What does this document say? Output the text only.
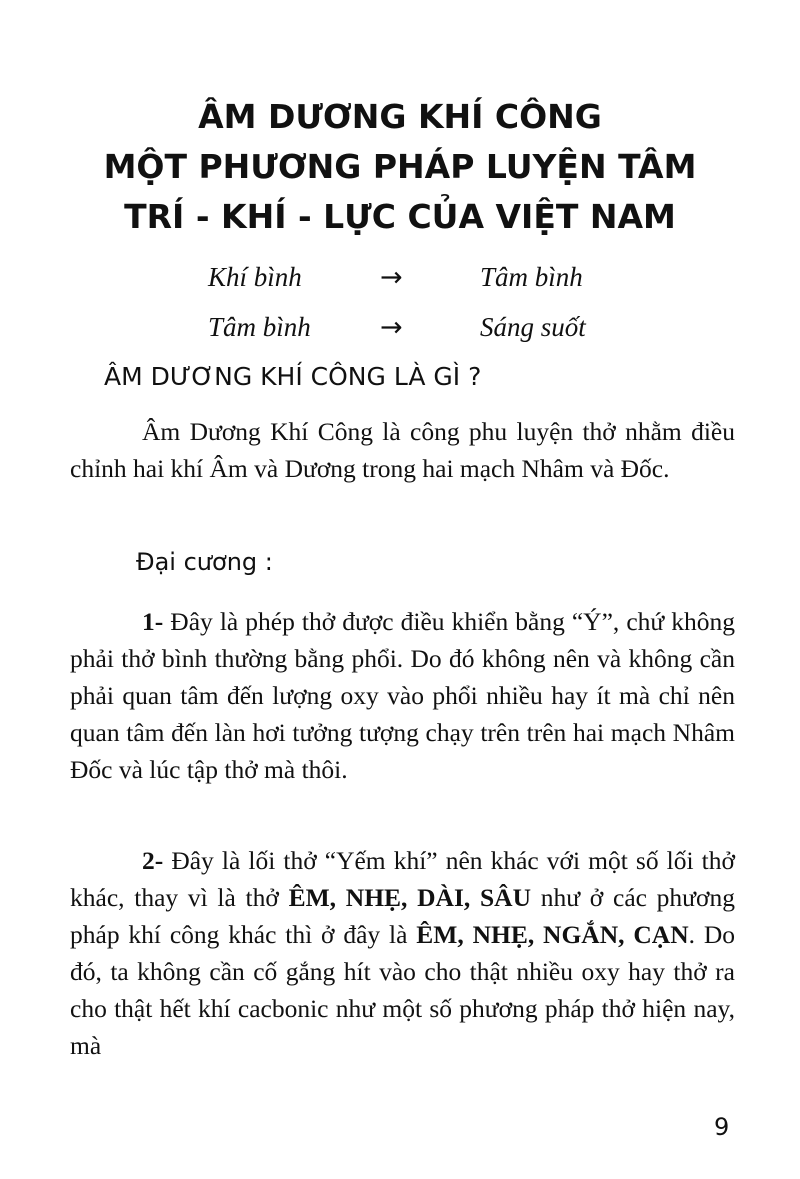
ÂM DƯƠNG KHÍ CÔNG
MỘT PHƯƠNG PHÁP LUYỆN TÂM
TRÍ - KHÍ - LỰC CỦA VIỆT NAM
Khí bình	→	Tâm bình
Tâm bình	→	Sáng suốt
ÂM DƯƠNG KHÍ CÔNG LÀ GÌ ?

Âm Dương Khí Công là công phu luyện thở nhằm điều chỉnh hai khí Âm và Dương trong hai mạch Nhâm và Đốc.

Đại cương :

1- Đây là phép thở được điều khiển bằng “Ý”, chứ không phải thở bình thường bằng phổi. Do đó không nên và không cần phải quan tâm đến lượng oxy vào phổi nhiều hay ít mà chỉ nên quan tâm đến làn hơi tưởng tượng chạy trên trên hai mạch Nhâm Đốc và lúc tập thở mà thôi.

2- Đây là lối thở “Yếm khí” nên khác với một số lối thở khác, thay vì là thở ÊM, NHẸ, DÀI, SÂU như ở các phương pháp khí công khác thì ở đây là ÊM, NHẸ, NGẮN, CẠN. Do đó, ta không cần cố gắng hít vào cho thật nhiều oxy hay thở ra cho thật hết khí cacbonic như một số phương pháp thở hiện nay, mà

9
